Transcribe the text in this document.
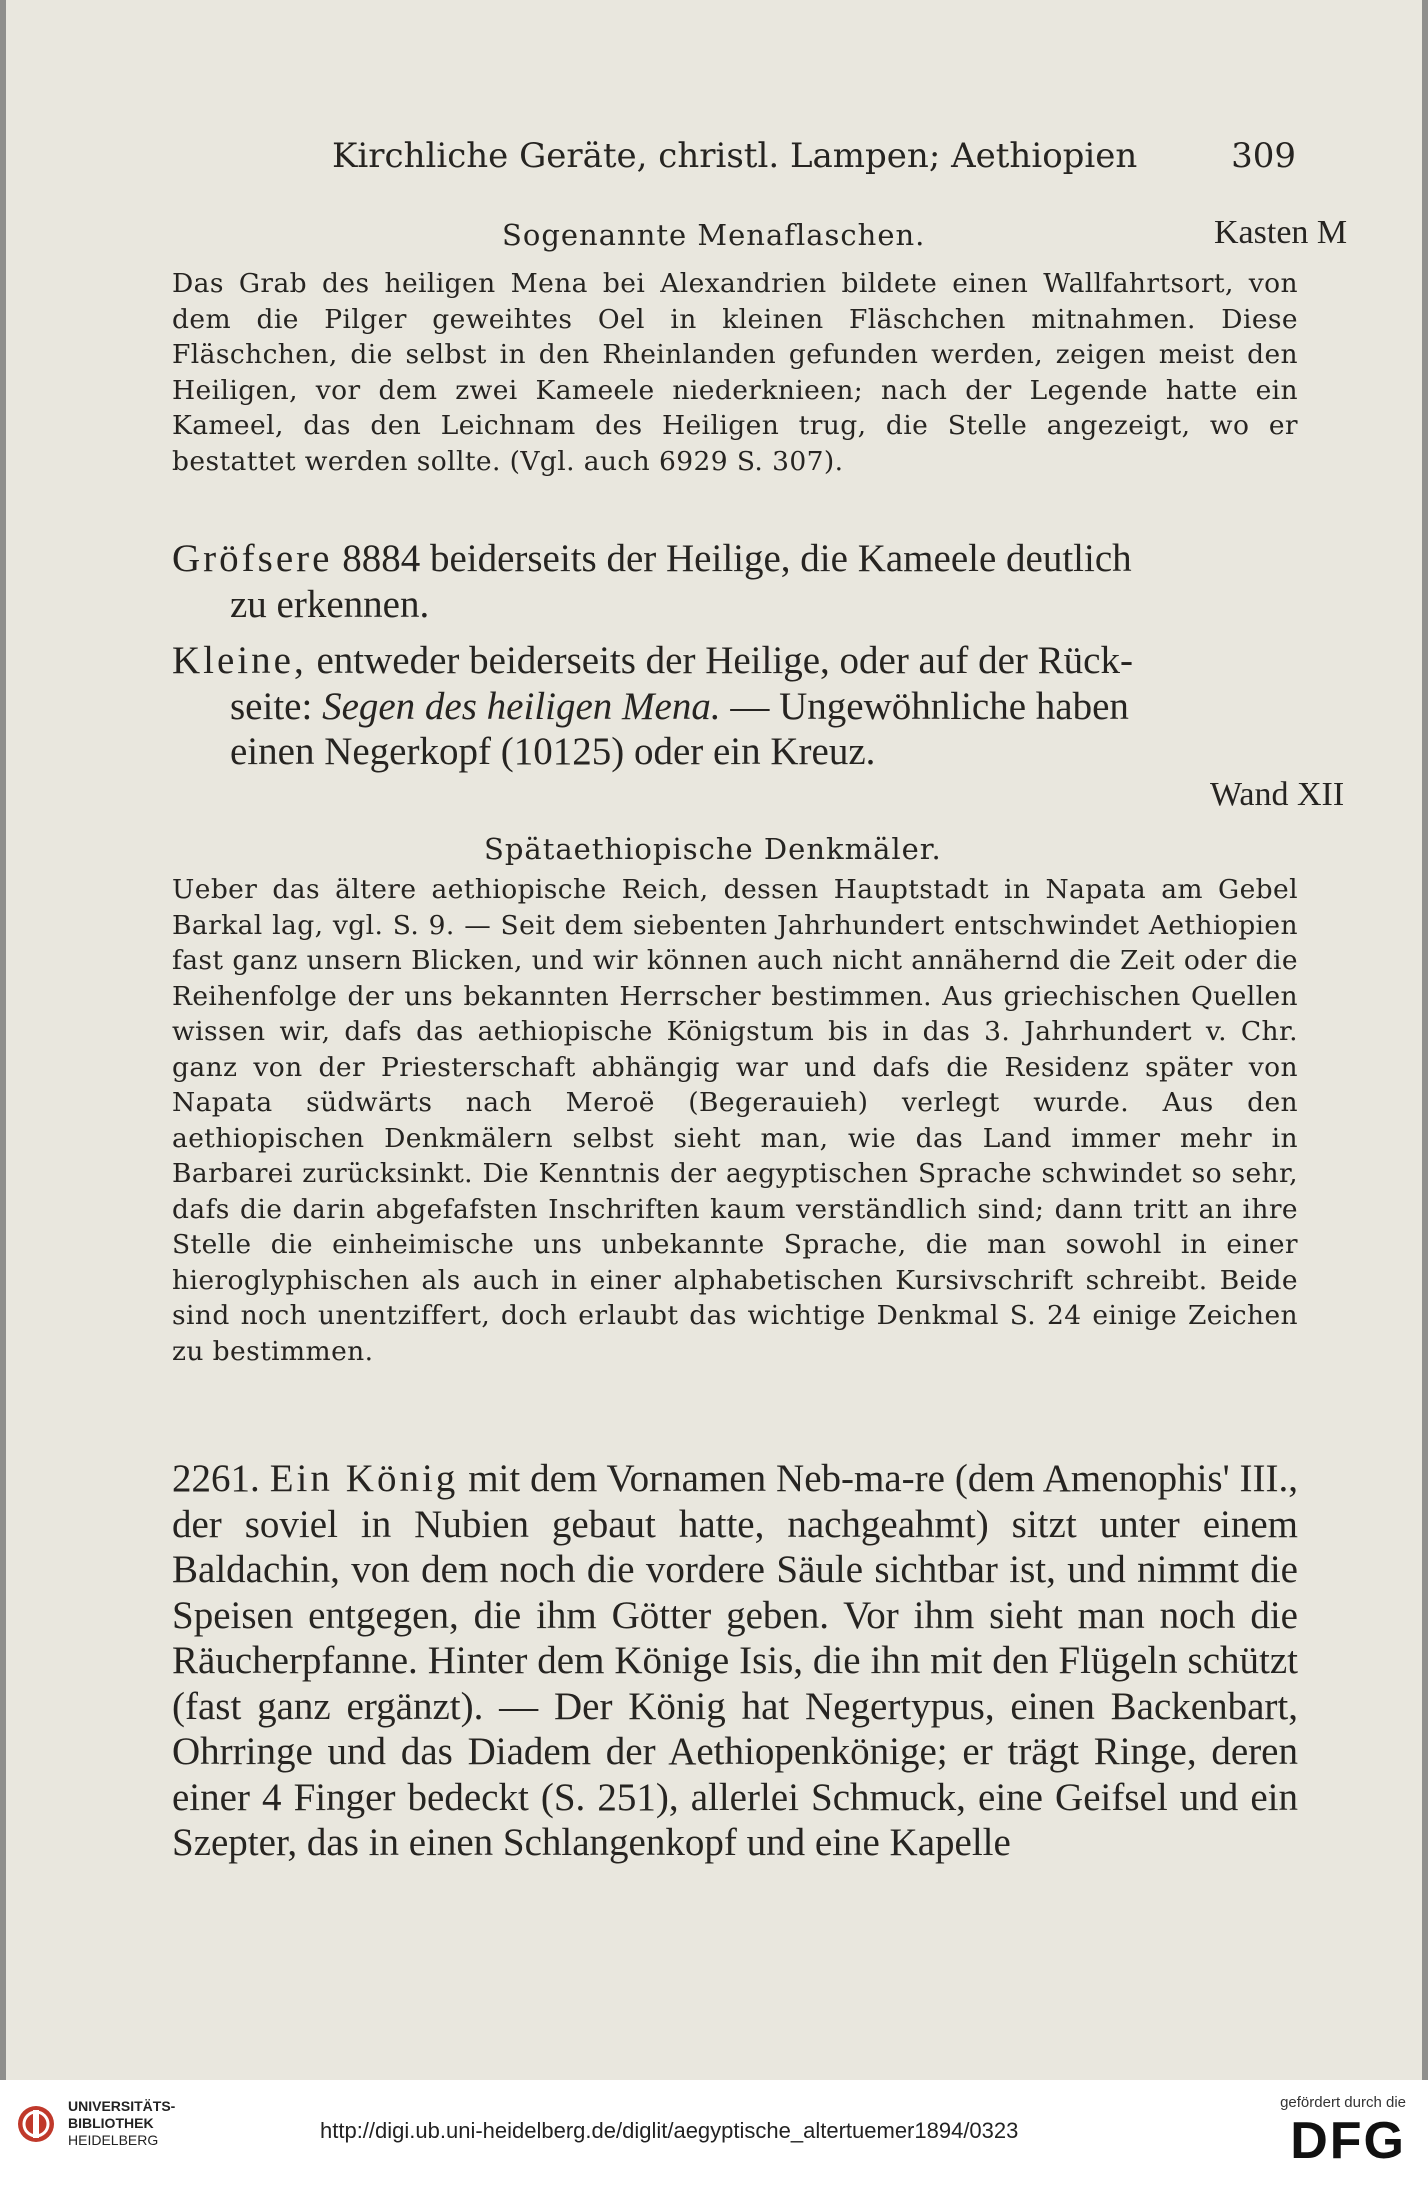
Kirchliche Geräte, christl. Lampen; Aethiopien	309
Sogenannte Menaflaschen.	Kasten M
Das Grab des heiligen Mena bei Alexandrien bildete einen Wallfahrtsort, von dem die Pilger geweihtes Oel in kleinen Fläschchen mitnahmen. Diese Fläschchen, die selbst in den Rheinlanden gefunden werden, zeigen meist den Heiligen, vor dem zwei Kameele niederknieen; nach der Legende hatte ein Kameel, das den Leichnam des Heiligen trug, die Stelle angezeigt, wo er bestattet werden sollte. (Vgl. auch 6929 S. 307).
Gröfsere 8884 beiderseits der Heilige, die Kameele deutlich
zu erkennen.
Kleine, entweder beiderseits der Heilige, oder auf der Rück-
seite: Segen des heiligen Mena. — Ungewöhnliche haben
einen Negerkopf (10125) oder ein Kreuz.
Wand XII
Spätaethiopische Denkmäler.
Ueber das ältere aethiopische Reich, dessen Hauptstadt in Napata am Gebel Barkal lag, vgl. S. 9. — Seit dem siebenten Jahrhundert entschwindet Aethiopien fast ganz unsern Blicken, und wir können auch nicht annähernd die Zeit oder die Reihenfolge der uns bekannten Herrscher bestimmen. Aus griechischen Quellen wissen wir, dafs das aethiopische Königstum bis in das 3. Jahrhundert v. Chr. ganz von der Priesterschaft abhängig war und dafs die Residenz später von Napata südwärts nach Meroë (Begerauieh) verlegt wurde. Aus den aethiopischen Denkmälern selbst sieht man, wie das Land immer mehr in Barbarei zurücksinkt. Die Kenntnis der aegyptischen Sprache schwindet so sehr, dafs die darin abgefafsten Inschriften kaum verständlich sind; dann tritt an ihre Stelle die einheimische uns unbekannte Sprache, die man sowohl in einer hieroglyphischen als auch in einer alphabetischen Kursivschrift schreibt. Beide sind noch unentziffert, doch erlaubt das wichtige Denkmal S. 24 einige Zeichen zu bestimmen.
2261. Ein König mit dem Vornamen Neb-ma-re (dem Amenophis' III., der soviel in Nubien gebaut hatte, nachgeahmt) sitzt unter einem Baldachin, von dem noch die vordere Säule sichtbar ist, und nimmt die Speisen entgegen, die ihm Götter geben. Vor ihm sieht man noch die Räucherpfanne. Hinter dem Könige Isis, die ihn mit den Flügeln schützt (fast ganz ergänzt). — Der König hat Negertypus, einen Backenbart, Ohrringe und das Diadem der Aethiopenkönige; er trägt Ringe, deren einer 4 Finger bedeckt (S. 251), allerlei Schmuck, eine Geifsel und ein Szepter, das in einen Schlangenkopf und eine Kapelle
UNIVERSITÄTS-
BIBLIOTHEK
HEIDELBERG	http://digi.ub.uni-heidelberg.de/diglit/aegyptische_altertuemer1894/0323
gefördert durch die
DFG
